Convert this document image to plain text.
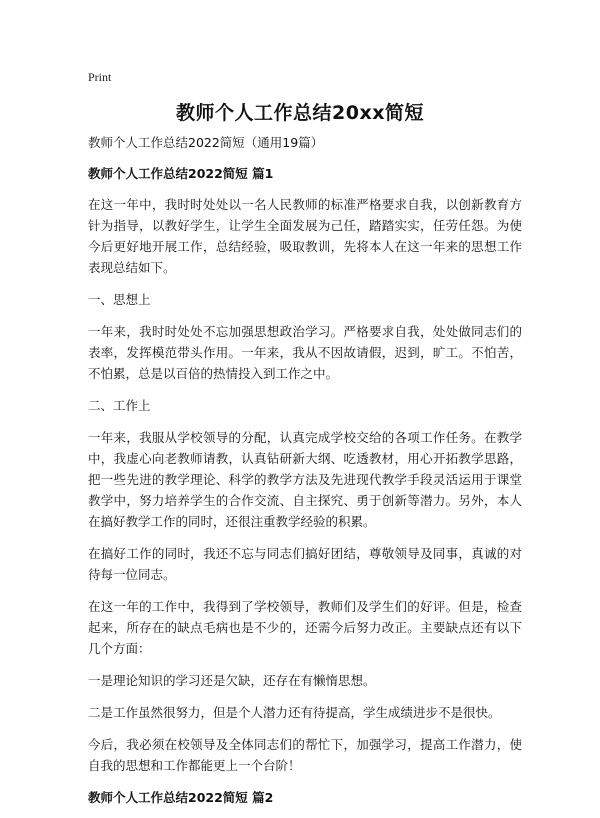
Print
教师个人工作总结20xx简短

教师个人工作总结2022简短（通用19篇）

教师个人工作总结2022简短 篇1

在这一年中，我时时处处以一名人民教师的标准严格要求自我，以创新教育方针为指导，以教好学生，让学生全面发展为己任，踏踏实实，任劳任怨。为使今后更好地开展工作，总结经验，吸取教训，先将本人在这一年来的思想工作表现总结如下。

一、思想上

一年来，我时时处处不忘加强思想政治学习。严格要求自我，处处做同志们的表率，发挥模范带头作用。一年来，我从不因故请假，迟到，旷工。不怕苦，不怕累，总是以百倍的热情投入到工作之中。

二、工作上

一年来，我服从学校领导的分配，认真完成学校交给的各项工作任务。在教学中，我虚心向老教师请教，认真钻研新大纲、吃透教材，用心开拓教学思路，把一些先进的教学理论、科学的教学方法及先进现代教学手段灵活运用于课堂教学中，努力培养学生的合作交流、自主探究、勇于创新等潜力。另外，本人在搞好教学工作的同时，还很注重教学经验的积累。

在搞好工作的同时，我还不忘与同志们搞好团结，尊敬领导及同事，真诚的对待每一位同志。

在这一年的工作中，我得到了学校领导，教师们及学生们的好评。但是，检查起来，所存在的缺点毛病也是不少的，还需今后努力改正。主要缺点还有以下几个方面：

一是理论知识的学习还是欠缺，还存在有懒惰思想。

二是工作虽然很努力，但是个人潜力还有待提高，学生成绩进步不是很快。

今后，我必须在校领导及全体同志们的帮忙下，加强学习，提高工作潜力，使自我的思想和工作都能更上一个台阶！

教师个人工作总结2022简短 篇2
